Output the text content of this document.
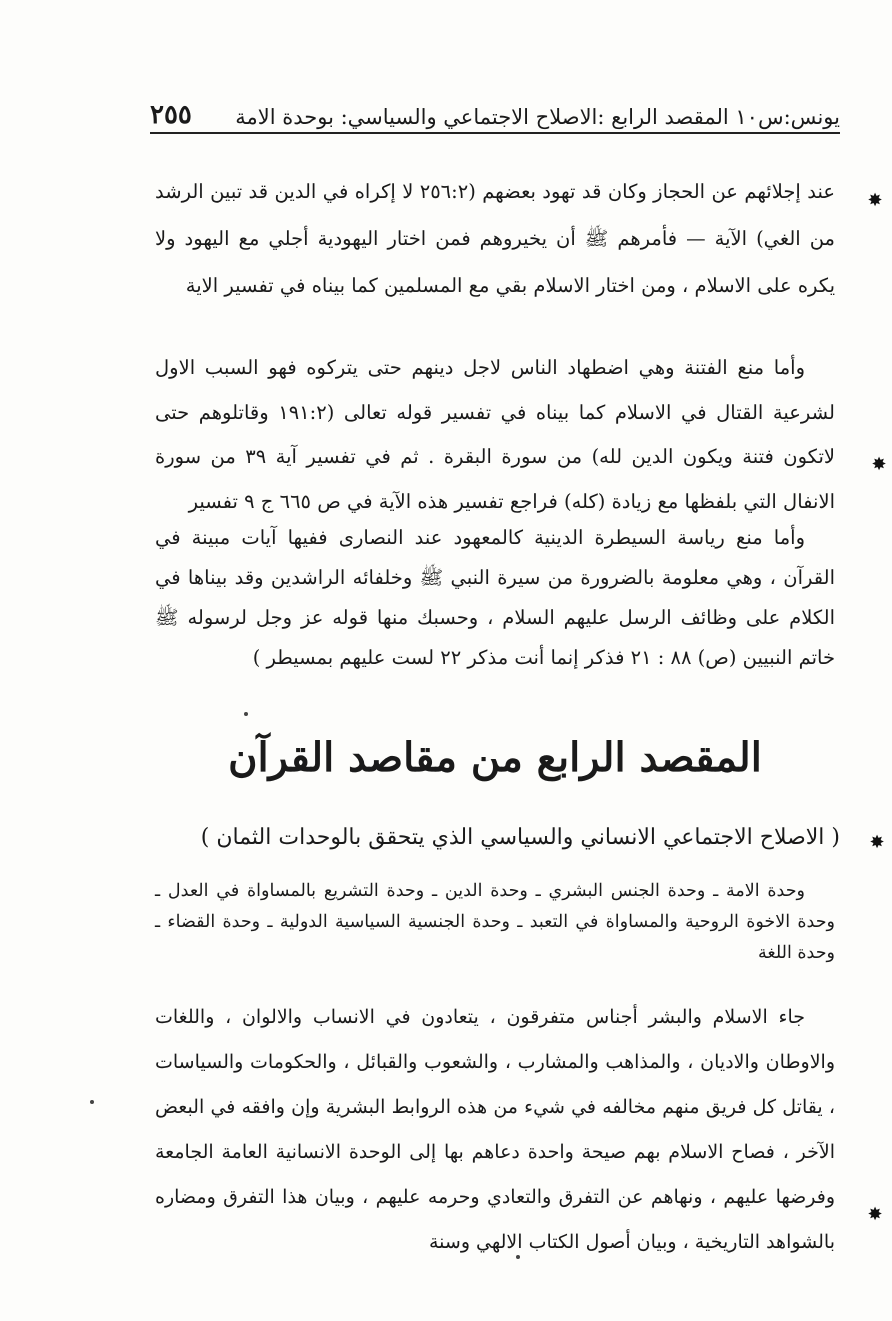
يونس:س١٠ المقصد الرابع :الاصلاح الاجتماعي والسياسي: بوحدة الامة
٢٥٥

عند إجلائهم عن الحجاز وكان قد تهود بعضهم (٢٥٦:٢ لا إكراه في الدين قد تبين الرشد من الغي) الآية — فأمرهم ﷺ أن يخيروهم فمن اختار اليهودية أجلي مع اليهود ولا يكره على الاسلام ، ومن اختار الاسلام بقي مع المسلمين كما بيناه في تفسير الاية

وأما منع الفتنة وهي اضطهاد الناس لاجل دينهم حتى يتركوه فهو السبب الاول لشرعية القتال في الاسلام كما بيناه في تفسير قوله تعالى (١٩١:٢ وقاتلوهم حتى لاتكون فتنة ويكون الدين لله) من سورة البقرة . ثم في تفسير آية ٣٩ من سورة الانفال التي بلفظها مع زيادة (كله) فراجع تفسير هذه الآية في ص ٦٦٥ ج ٩ تفسير

وأما منع رياسة السيطرة الدينية كالمعهود عند النصارى ففيها آيات مبينة في القرآن ، وهي معلومة بالضرورة من سيرة النبي ﷺ وخلفائه الراشدين وقد بيناها في الكلام على وظائف الرسل عليهم السلام ، وحسبك منها قوله عز وجل لرسوله ﷺ خاتم النبيين (ص) ٨٨ : ٢١ فذكر إنما أنت مذكر ٢٢ لست عليهم بمسيطر )

المقصد الرابع من مقاصد القرآن
( الاصلاح الاجتماعي الانساني والسياسي الذي يتحقق بالوحدات الثمان )
وحدة الامة ـ وحدة الجنس البشري ـ وحدة الدين ـ وحدة التشريع بالمساواة في العدل ـ وحدة الاخوة الروحية والمساواة في التعبد ـ وحدة الجنسية السياسية الدولية ـ وحدة القضاء ـ وحدة اللغة

جاء الاسلام والبشر أجناس متفرقون ، يتعادون في الانساب والالوان ، واللغات والاوطان والاديان ، والمذاهب والمشارب ، والشعوب والقبائل ، والحكومات والسياسات ، يقاتل كل فريق منهم مخالفه في شيء من هذه الروابط البشرية وإن وافقه في البعض الآخر ، فصاح الاسلام بهم صيحة واحدة دعاهم بها إلى الوحدة الانسانية العامة الجامعة وفرضها عليهم ، ونهاهم عن التفرق والتعادي وحرمه عليهم ، وبيان هذا التفرق ومضاره بالشواهد التاريخية ، وبيان أصول الكتاب الالهي وسنة

✸
✸
✸
✸
